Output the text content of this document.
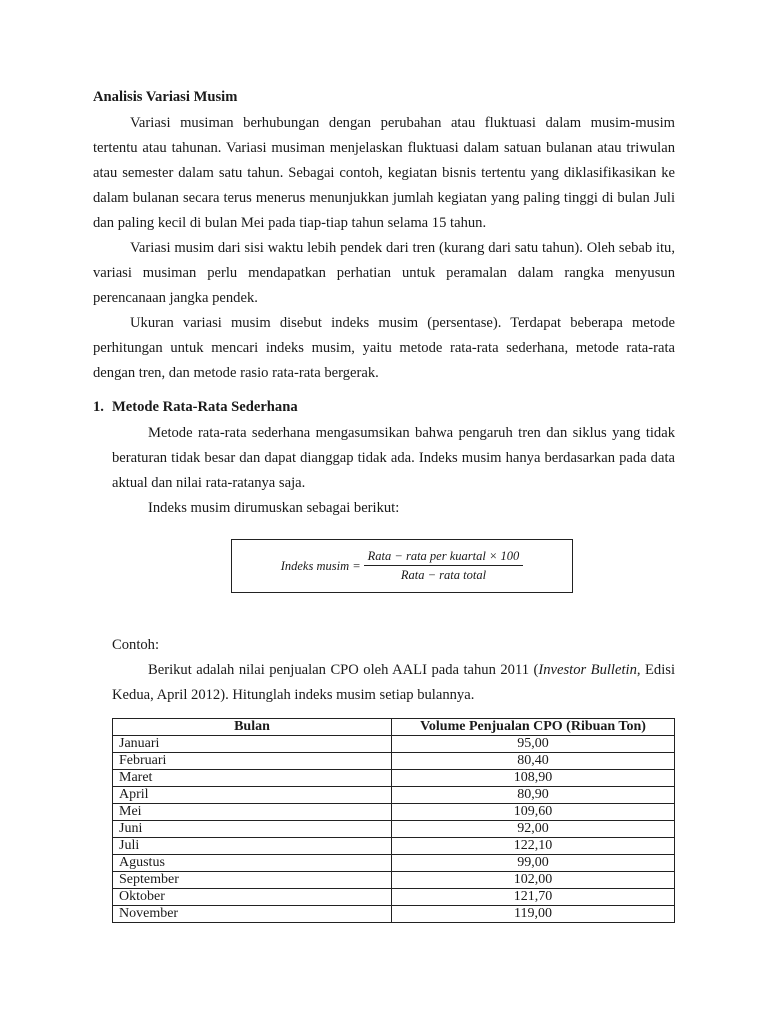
Analisis Variasi Musim

Variasi musiman berhubungan dengan perubahan atau fluktuasi dalam musim-musim tertentu atau tahunan. Variasi musiman menjelaskan fluktuasi dalam satuan bulanan atau triwulan atau semester dalam satu tahun. Sebagai contoh, kegiatan bisnis tertentu yang diklasifikasikan ke dalam bulanan secara terus menerus menunjukkan jumlah kegiatan yang paling tinggi di bulan Juli dan paling kecil di bulan Mei pada tiap-tiap tahun selama 15 tahun.

Variasi musim dari sisi waktu lebih pendek dari tren (kurang dari satu tahun). Oleh sebab itu, variasi musiman perlu mendapatkan perhatian untuk peramalan dalam rangka menyusun perencanaan jangka pendek.

Ukuran variasi musim disebut indeks musim (persentase). Terdapat beberapa metode perhitungan untuk mencari indeks musim, yaitu metode rata-rata sederhana, metode rata-rata dengan tren, dan metode rasio rata-rata bergerak.

1. Metode Rata-Rata Sederhana

Metode rata-rata sederhana mengasumsikan bahwa pengaruh tren dan siklus yang tidak beraturan tidak besar dan dapat dianggap tidak ada. Indeks musim hanya berdasarkan pada data aktual dan nilai rata-ratanya saja.

Indeks musim dirumuskan sebagai berikut:

Indeks musim = $\frac{\text{Rata − rata per kuartal × 100}}{\text{Rata − rata total}}$
Contoh:

Berikut adalah nilai penjualan CPO oleh AALI pada tahun 2011 (Investor Bulletin, Edisi Kedua, April 2012). Hitunglah indeks musim setiap bulannya.

Bulan	Volume Penjualan CPO (Ribuan Ton)
Januari	95,00
Februari	80,40
Maret	108,90
April	80,90
Mei	109,60
Juni	92,00
Juli	122,10
Agustus	99,00
September	102,00
Oktober	121,70
November	119,00
